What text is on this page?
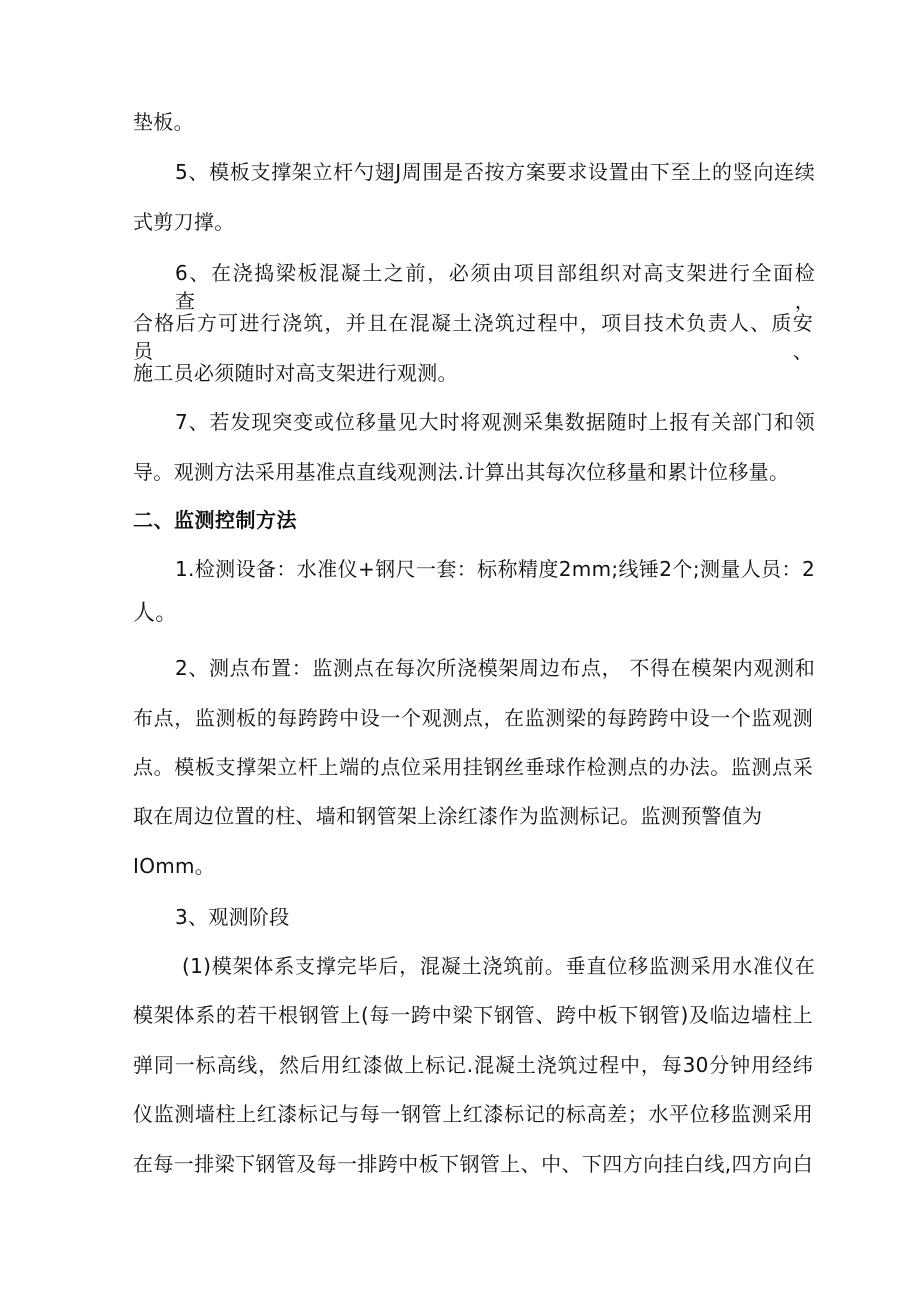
垫板。
5、模板支撑架立杆勺翅J周围是否按方案要求设置由下至上的竖向连续
式剪刀撑。
6、在浇捣梁板混凝土之前，必须由项目部组织对高支架进行全面检查，
合格后方可进行浇筑，并且在混凝土浇筑过程中，项目技术负责人、质安员、
施工员必须随时对高支架进行观测。
7、若发现突变或位移量见大时将观测采集数据随时上报有关部门和领
导。观测方法采用基准点直线观测法.计算出其每次位移量和累计位移量。
二、监测控制方法
1.检测设备：水准仪+钢尺一套：标称精度2mm;线锤2个;测量人员：2
人。
2、测点布置：监测点在每次所浇模架周边布点， 不得在模架内观测和
布点，监测板的每跨跨中设一个观测点，在监测梁的每跨跨中设一个监观测
点。模板支撑架立杆上端的点位采用挂钢丝垂球作检测点的办法。监测点采
取在周边位置的柱、墙和钢管架上涂红漆作为监测标记。监测预警值为
IOmm。
3、观测阶段
(1)模架体系支撑完毕后，混凝土浇筑前。垂直位移监测采用水准仪在
模架体系的若干根钢管上(每一跨中梁下钢管、跨中板下钢管)及临边墙柱上
弹同一标高线，然后用红漆做上标记.混凝土浇筑过程中，每30分钟用经纬
仪监测墙柱上红漆标记与每一钢管上红漆标记的标高差；水平位移监测采用
在每一排梁下钢管及每一排跨中板下钢管上、中、下四方向挂白线,四方向白
